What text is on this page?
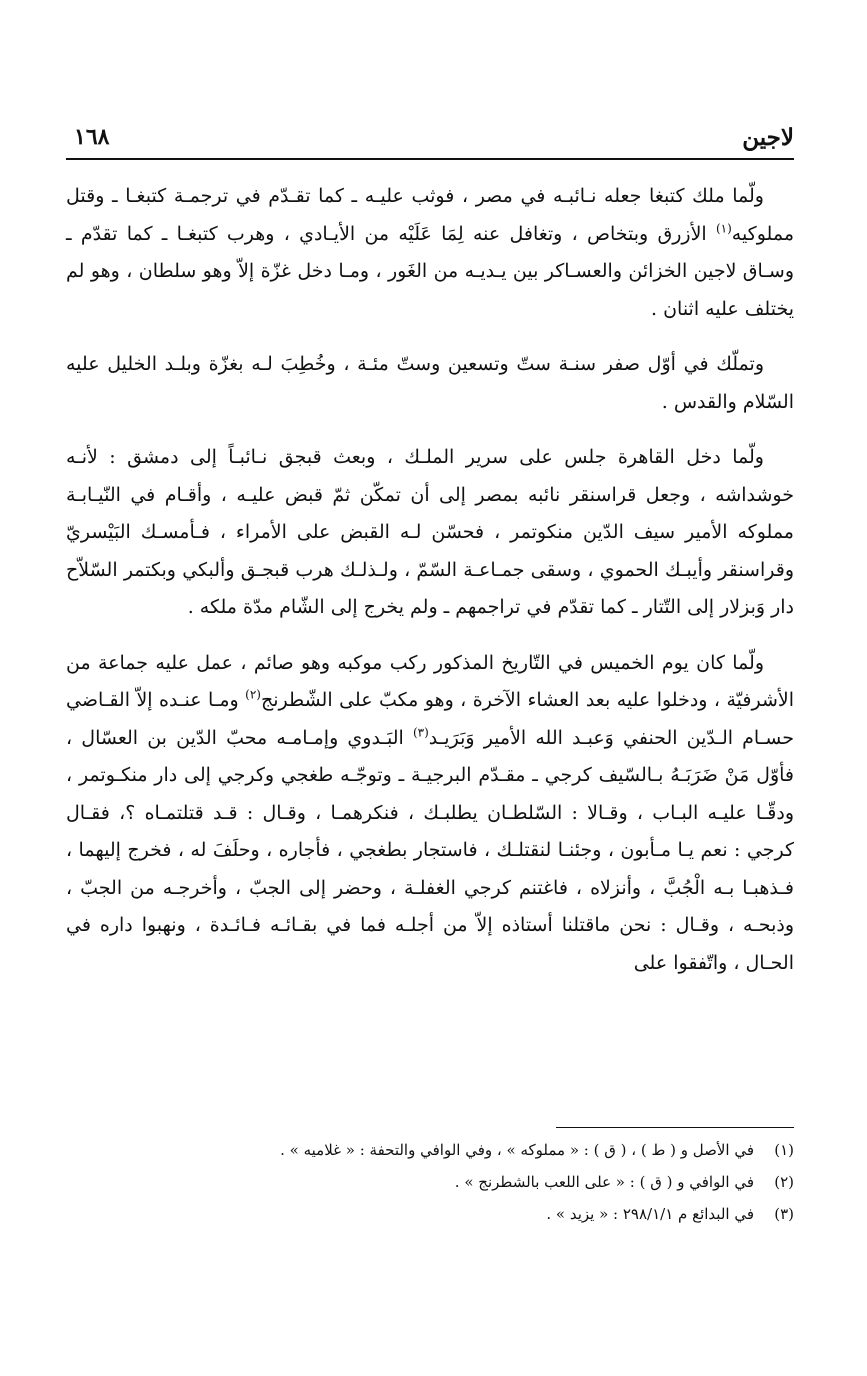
لاجين
١٦٨

ولّما ملك كتبغا جعله نـائبـه في مصر ، فوثب عليـه ـ كما تقـدّم في ترجمـة كتبغـا ـ وقتل مملوكيه$^{(١)}$ الأزرق وبتخاص ، وتغافل عنه لِمَا عَلَيْه من الأيـادي ، وهرب كتبغـا ـ كما تقدّم ـ وسـاق لاجين الخزائن والعسـاكر بين يـديـه من الغَور ، ومـا دخل غزّة إلاّ وهو سلطان ، وهو لم يختلف عليه اثنان .

وتملّك في أوّل صفر سنـة ستّ وتسعين وستّ مئـة ، وخُطِبَ لـه بغزّة وبلـد الخليل عليه السّلام والقدس .

ولّما دخل القاهرة جلس على سرير الملـك ، وبعث قبجق نـائبـاً إلى دمشق : لأنـه خوشداشه ، وجعل قراسنقر نائبه بمصر إلى أن تمكّن ثمّ قبض عليـه ، وأقـام في النّيـابـة مملوكه الأمير سيف الدّين منكوتمر ، فحسّن لـه القبض على الأمراء ، فـأمسـك البَيْسريّ وقراسنقر وأيبـك الحموي ، وسقى جمـاعـة السّمّ ، ولـذلـك هرب قبجـق وألبكي وبكتمر السّلاّح دار وَبزلار إلى التّتار ـ كما تقدّم في تراجمهم ـ ولم يخرج إلى الشّام مدّة ملكه .

ولّما كان يوم الخميس في التّاريخ المذكور ركب موكبه وهو صائم ، عمل عليه جماعة من الأشرفيّة ، ودخلوا عليه بعد العشاء الآخرة ، وهو مكبّ على الشّطرنج$^{(٢)}$ ومـا عنـده إلاّ القـاضي حسـام الـدّين الحنفي وَعبـد الله الأمير وَبَرَيـد$^{(٣)}$ البَـدوي وإمـامـه محبّ الدّين بن العسّال ، فأوّل مَنْ ضَرَبَـهُ بـالسّيف كرجي ـ مقـدّم البرجيـة ـ وتوجّـه طغجي وكرجي إلى دار منكـوتمر ، ودقّـا عليـه البـاب ، وقـالا : السّلطـان يطلبـك ، فنكرهمـا ، وقـال : قـد قتلتمـاه ؟، فقـال كرجي : نعم يـا مـأبون ، وجئنـا لنقتلـك ، فاستجار بطغجي ، فأجاره ، وحلَفَ له ، فخرج إليهما ، فـذهبـا بـه الْجُبَّ ، وأنزلاه ، فاغتنم كرجي الغفلـة ، وحضر إلى الجبّ ، وأخرجـه من الجبّ ، وذبحـه ، وقـال : نحن ماقتلنا أستاذه إلاّ من أجلـه فما في بقـائـه فـائـدة ، ونهبوا داره في الحـال ، واتّفقوا على

(١)
في الأصل و ( ط ) ، ( ق ) : « مملوكه » ، وفي الوافي والتحفة : « غلاميه » .
(٢)
في الوافي و ( ق ) : « على اللعب بالشطرنج » .
(٣)
في البدائع م ٢٩٨/١/١ : « يزيد » .
